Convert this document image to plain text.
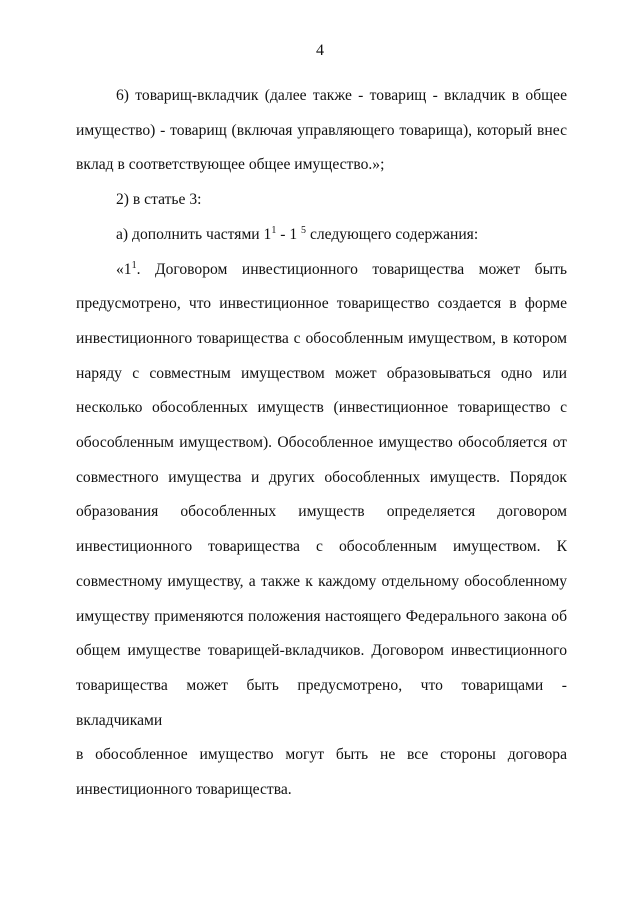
4
6) товарищ-вкладчик (далее также - товарищ - вкладчик в общее
имущество) - товарищ (включая управляющего товарища), который внес
вклад в соответствующее общее имущество.»;
2) в статье 3:
а) дополнить частями $1^1 - 1$ $^5$ следующего содержания:
«$1^1$. Договором инвестиционного товарищества может быть
предусмотрено, что инвестиционное товарищество создается в форме
инвестиционного товарищества с обособленным имуществом, в котором
наряду с совместным имуществом может образовываться одно или
несколько обособленных имуществ (инвестиционное товарищество с
обособленным имуществом). Обособленное имущество обособляется от
совместного имущества и других обособленных имуществ. Порядок
образования обособленных имуществ определяется договором
инвестиционного товарищества с обособленным имуществом. К
совместному имуществу, а также к каждому отдельному обособленному
имуществу применяются положения настоящего Федерального закона об
общем имуществе товарищей-вкладчиков. Договором инвестиционного
товарищества может быть предусмотрено, что товарищами - вкладчиками
в обособленное имущество могут быть не все стороны договора
инвестиционного товарищества.
